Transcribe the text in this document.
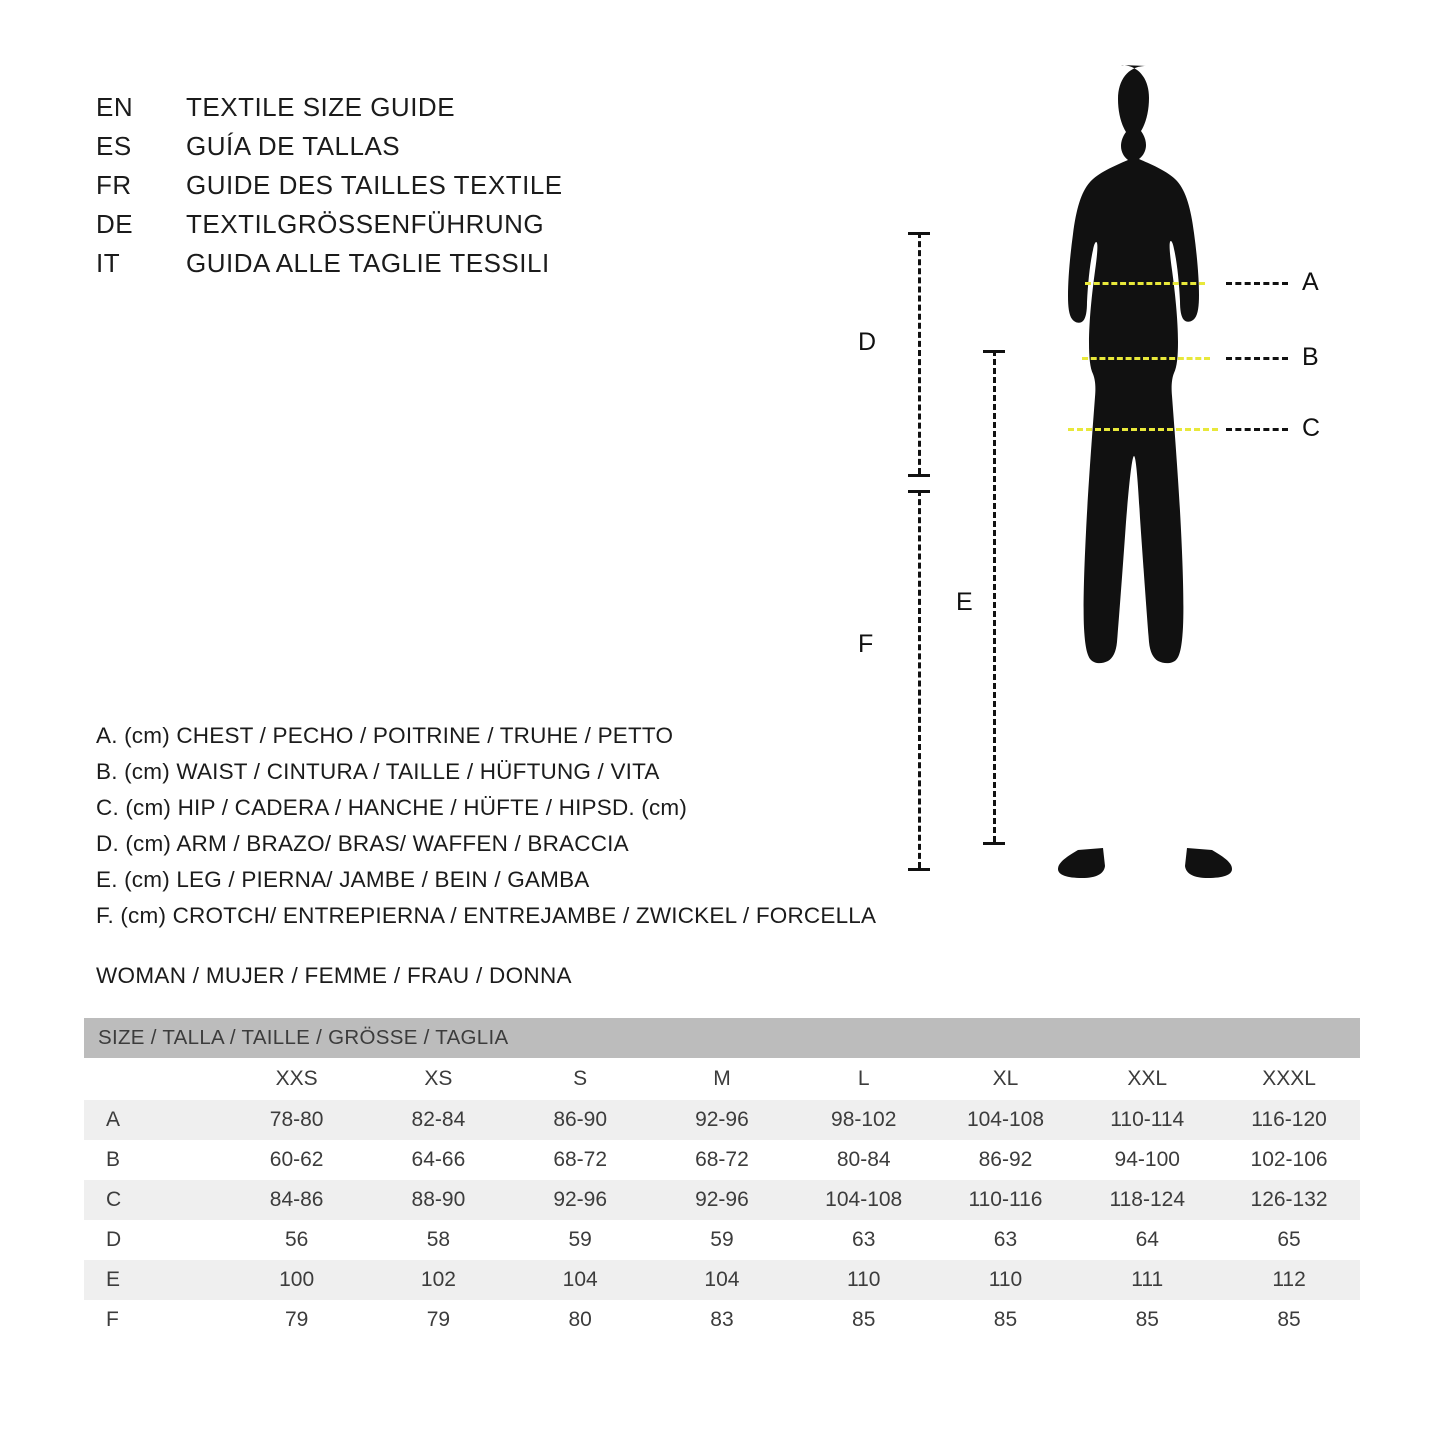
EN	TEXTILE SIZE GUIDE
ES	GUÍA DE TALLAS
FR	GUIDE DES TAILLES TEXTILE
DE	TEXTILGRÖSSENFÜHRUNG
IT	GUIDA ALLE TAGLIE TESSILI
A. (cm) CHEST / PECHO / POITRINE / TRUHE / PETTO
B. (cm) WAIST / CINTURA / TAILLE / HÜFTUNG / VITA
C. (cm) HIP / CADERA / HANCHE / HÜFTE / HIPSD. (cm)
D. (cm) ARM / BRAZO/ BRAS/ WAFFEN / BRACCIA
E. (cm) LEG / PIERNA/ JAMBE / BEIN / GAMBA
F. (cm) CROTCH/ ENTREPIERNA / ENTREJAMBE / ZWICKEL / FORCELLA
WOMAN / MUJER / FEMME / FRAU / DONNA
A
B
C
D
E
F
SIZE / TALLA / TAILLE / GRÖSSE / TAGLIA								
	XXS	XS	S	M	L	XL	XXL	XXXL
A	78-80	82-84	86-90	92-96	98-102	104-108	110-114	116-120
B	60-62	64-66	68-72	68-72	80-84	86-92	94-100	102-106
C	84-86	88-90	92-96	92-96	104-108	110-116	118-124	126-132
D	56	58	59	59	63	63	64	65
E	100	102	104	104	110	110	111	112
F	79	79	80	83	85	85	85	85
